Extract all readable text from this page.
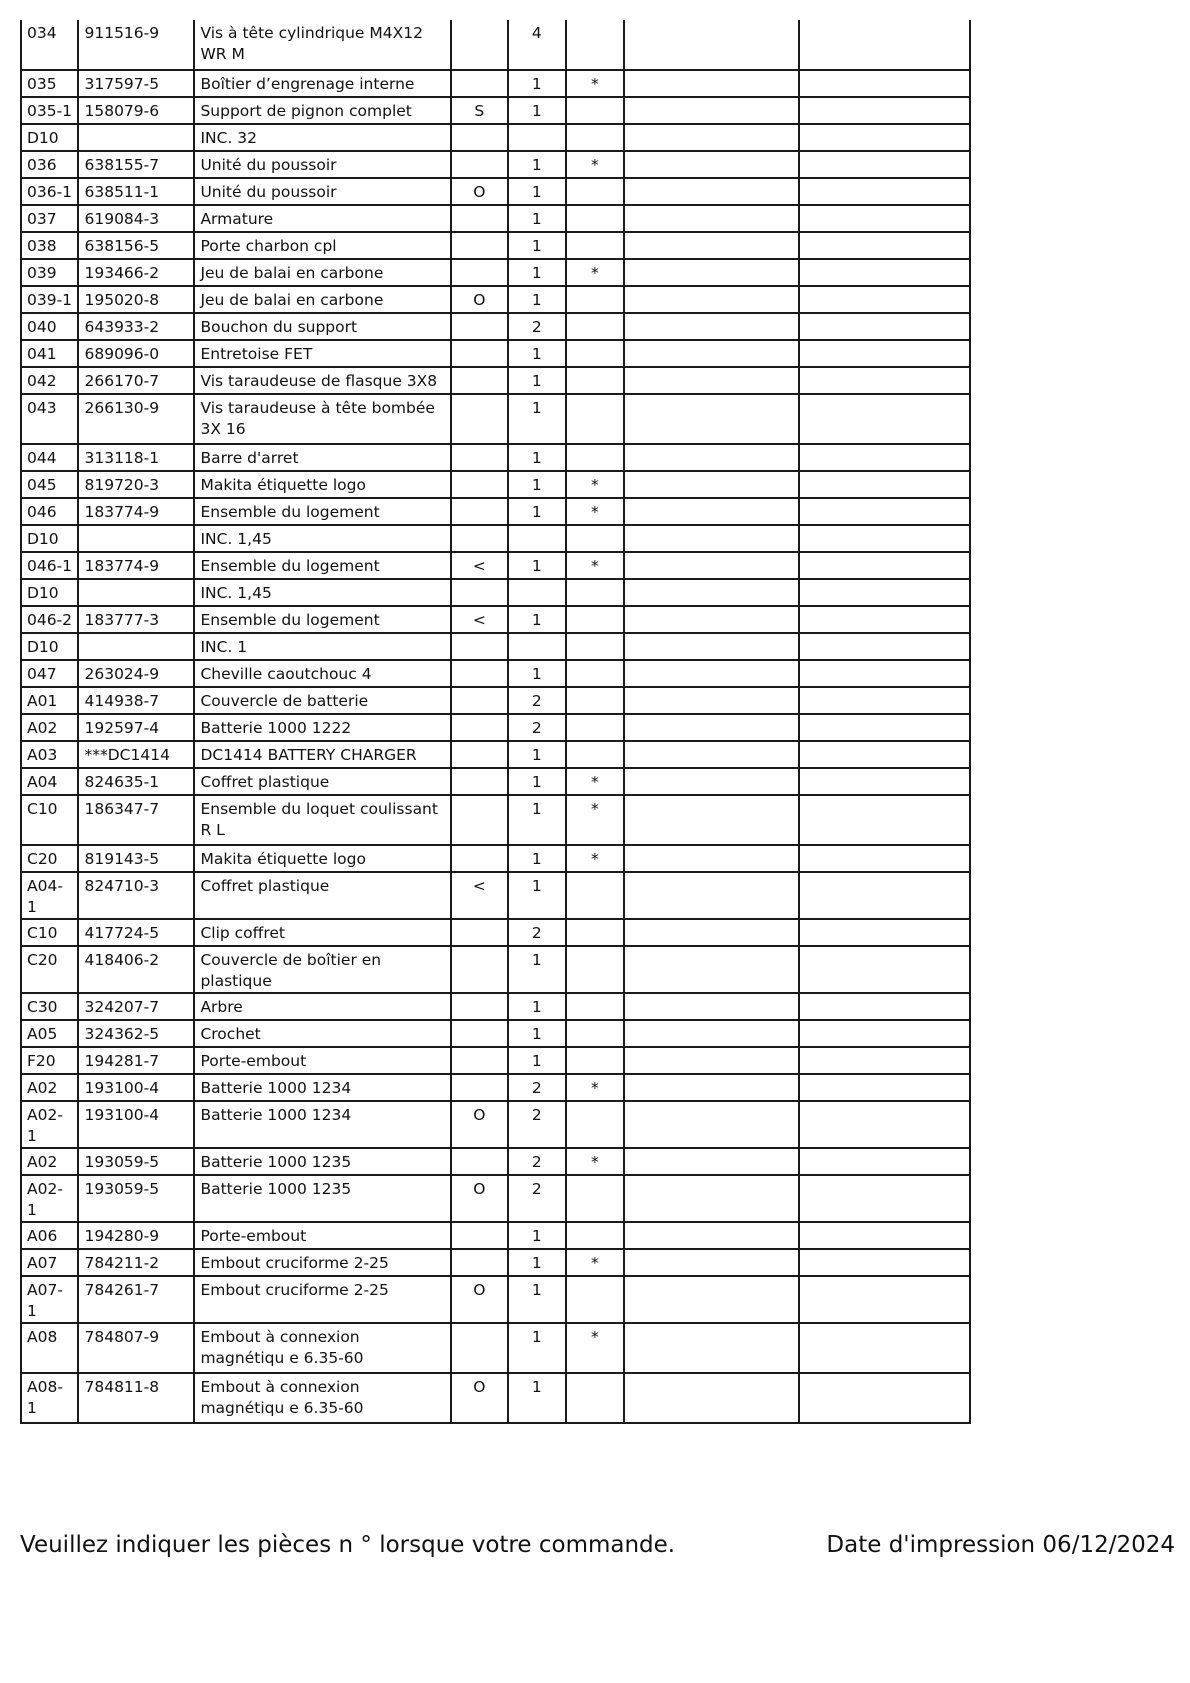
034	911516-9	Vis à tête cylindrique M4X12 WR M		4			
035	317597-5	Boîtier d’engrenage interne		1	*		
035-1	158079-6	Support de pignon complet	S	1			
D10		INC. 32					
036	638155-7	Unité du poussoir		1	*		
036-1	638511-1	Unité du poussoir	O	1			
037	619084-3	Armature		1			
038	638156-5	Porte charbon cpl		1			
039	193466-2	Jeu de balai en carbone		1	*		
039-1	195020-8	Jeu de balai en carbone	O	1			
040	643933-2	Bouchon du support		2			
041	689096-0	Entretoise FET		1			
042	266170-7	Vis taraudeuse de flasque 3X8		1			
043	266130-9	Vis taraudeuse à tête bombée 3X 16		1			
044	313118-1	Barre d'arret		1			
045	819720-3	Makita étiquette logo		1	*		
046	183774-9	Ensemble du logement		1	*		
D10		INC. 1,45					
046-1	183774-9	Ensemble du logement	<	1	*		
D10		INC. 1,45					
046-2	183777-3	Ensemble du logement	<	1			
D10		INC. 1					
047	263024-9	Cheville caoutchouc 4		1			
A01	414938-7	Couvercle de batterie		2			
A02	192597-4	Batterie 1000 1222		2			
A03	***DC1414	DC1414 BATTERY CHARGER		1			
A04	824635-1	Coffret plastique		1	*		
C10	186347-7	Ensemble du loquet coulissant R L		1	*		
C20	819143-5	Makita étiquette logo		1	*		
A04-1	824710-3	Coffret plastique	<	1			
C10	417724-5	Clip coffret		2			
C20	418406-2	Couvercle de boîtier en plastique		1			
C30	324207-7	Arbre		1			
A05	324362-5	Crochet		1			
F20	194281-7	Porte-embout		1			
A02	193100-4	Batterie 1000 1234		2	*		
A02-1	193100-4	Batterie 1000 1234	O	2			
A02	193059-5	Batterie 1000 1235		2	*		
A02-1	193059-5	Batterie 1000 1235	O	2			
A06	194280-9	Porte-embout		1			
A07	784211-2	Embout cruciforme 2-25		1	*		
A07-1	784261-7	Embout cruciforme 2-25	O	1			
A08	784807-9	Embout à connexion magnétiqu e 6.35-60		1	*		
A08-1	784811-8	Embout à connexion magnétiqu e 6.35-60	O	1			
Veuillez indiquer les pièces n ° lorsque votre commande.	Date d'impression 06/12/2024
